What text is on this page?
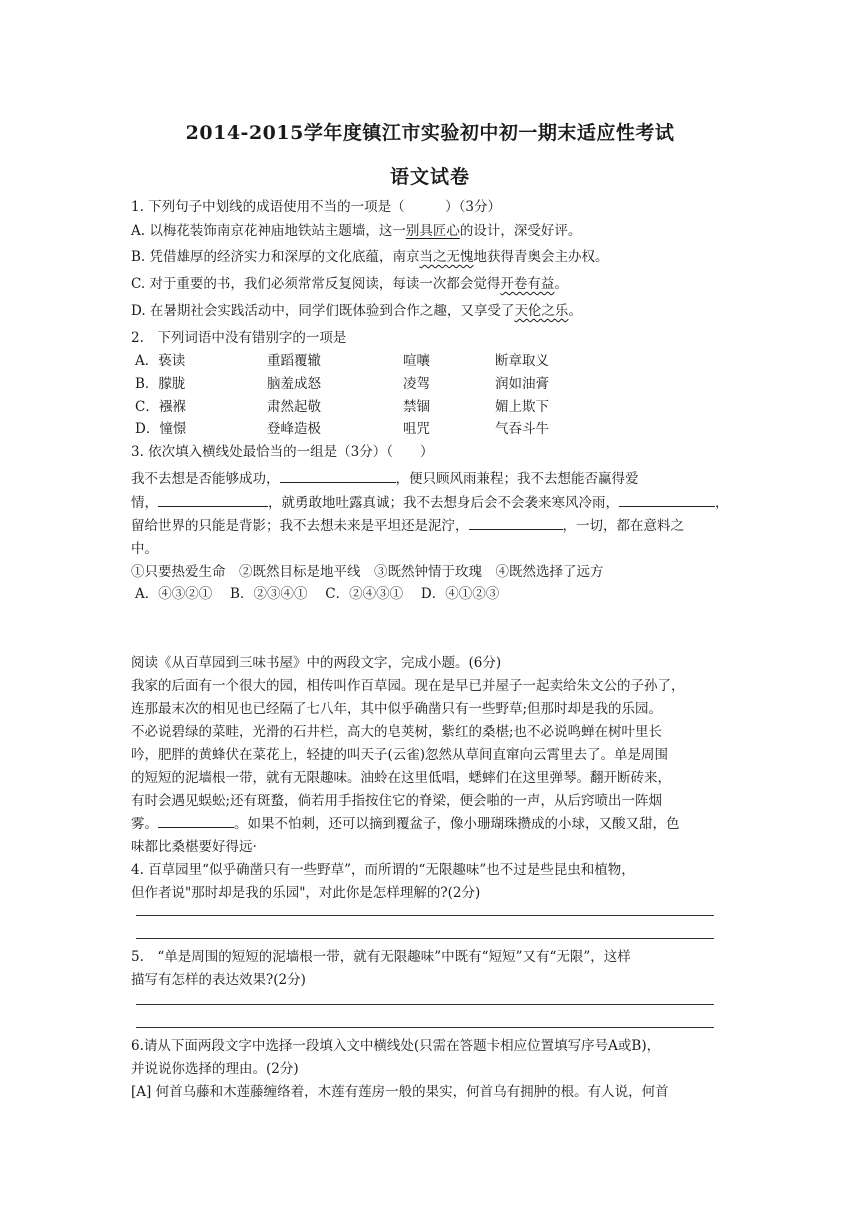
2014-2015学年度镇江市实验初中初一期末适应性考试
语文试卷
1. 下列句子中划线的成语使用不当的一项是（　　　）（3分）
A. 以梅花装饰南京花神庙地铁站主题墙，这一别具匠心的设计，深受好评。
B. 凭借雄厚的经济实力和深厚的文化底蕴，南京当之无愧地获得青奥会主办权。
C. 对于重要的书，我们必须常常反复阅读，每读一次都会觉得开卷有益。
D. 在暑期社会实践活动中，同学们既体验到合作之趣，又享受了天伦之乐。
2.　下列词语中没有错别字的一项是
A．亵读	重蹈覆辙	喧嚷	断章取义
B．朦胧	脑羞成怒	凌驾	润如油膏
C．襁褓	肃然起敬	禁锢	媚上欺下
D．憧憬	登峰造极	咀咒	气吞斗牛
3. 依次填入横线处最恰当的一组是（3分）（　　）
我不去想是否能够成功，	，便只顾风雨兼程；我不去想能否赢得爱
情，	，就勇敢地吐露真诚；我不去想身后会不会袭来寒风冷雨，	，
留给世界的只能是背影；我不去想未来是平坦还是泥泞，	，一切，都在意料之
中。
①只要热爱生命　②既然目标是地平线　③既然钟情于玫瑰　④既然选择了远方
A．④③②①　 B．②③④①　 C．②④③①　 D．④①②③
阅读《从百草园到三味书屋》中的两段文字，完成小题。(6分)
我家的后面有一个很大的园，相传叫作百草园。现在是早已并屋子一起卖给朱文公的子孙了，
连那最末次的相见也已经隔了七八年，其中似乎确凿只有一些野草;但那时却是我的乐园。
不必说碧绿的菜畦，光滑的石井栏，高大的皂荚树，紫红的桑椹;也不必说鸣蝉在树叶里长
吟，肥胖的黄蜂伏在菜花上，轻捷的叫天子(云雀)忽然从草间直窜向云霄里去了。单是周围
的短短的泥墙根一带，就有无限趣味。油蛉在这里低唱，蟋蟀们在这里弹琴。翻开断砖来，
有时会遇见蜈蚣;还有斑蝥，倘若用手指按住它的脊梁，便会啪的一声，从后窍喷出一阵烟
雾。	。如果不怕刺，还可以摘到覆盆子，像小珊瑚珠攒成的小球，又酸又甜，色
味都比桑椹要好得远·
4. 百草园里“似乎确凿只有一些野草”，而所谓的“无限趣味”也不过是些昆虫和植物，
但作者说"那时却是我的乐园"，对此你是怎样理解的?(2分)
5.　“单是周围的短短的泥墙根一带，就有无限趣味”中既有“短短”又有“无限”，这样
描写有怎样的表达效果?(2分)
6.请从下面两段文字中选择一段填入文中横线处(只需在答题卡相应位置填写序号A或B)，
并说说你选择的理由。(2分)
[A] 何首乌藤和木莲藤缠络着，木莲有莲房一般的果实，何首乌有拥肿的根。有人说，何首
